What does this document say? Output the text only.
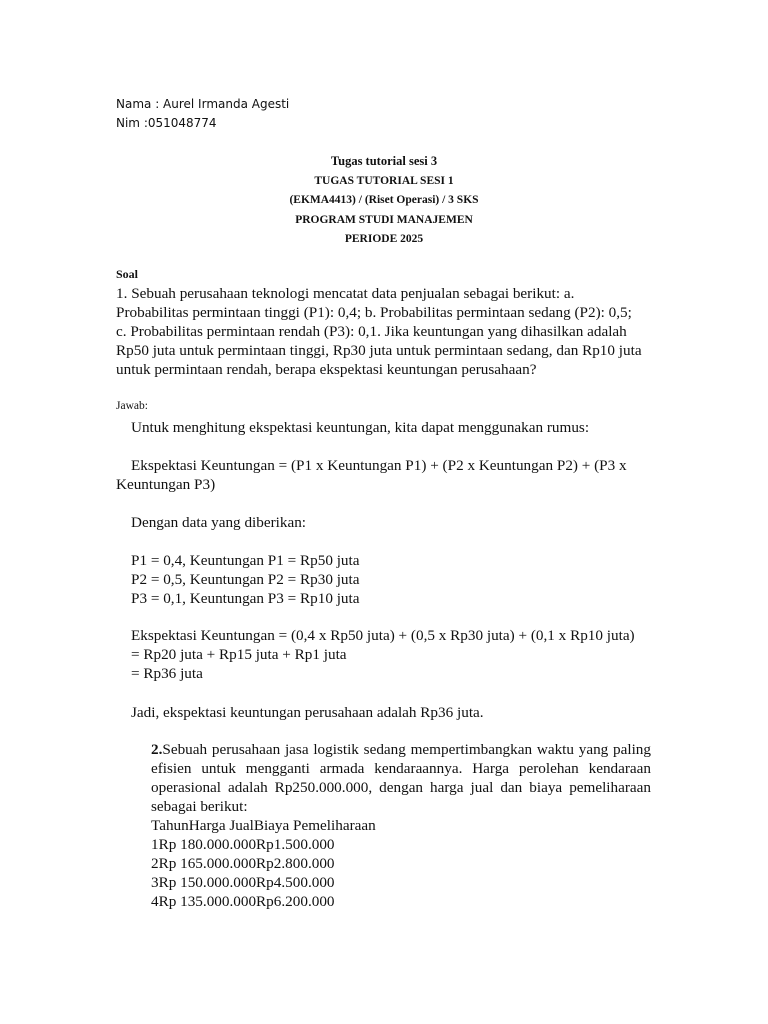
Nama : Aurel Irmanda Agesti
Nim :051048774
Tugas tutorial sesi 3
TUGAS TUTORIAL SESI 1
(EKMA4413) / (Riset Operasi) / 3 SKS
PROGRAM STUDI MANAJEMEN
PERIODE 2025
Soal

1. Sebuah perusahaan teknologi mencatat data penjualan sebagai berikut: a.

Probabilitas permintaan tinggi (P1): 0,4; b. Probabilitas permintaan sedang (P2): 0,5;

c. Probabilitas permintaan rendah (P3): 0,1. Jika keuntungan yang dihasilkan adalah

Rp50 juta untuk permintaan tinggi, Rp30 juta untuk permintaan sedang, dan Rp10 juta

untuk permintaan rendah, berapa ekspektasi keuntungan perusahaan?

Jawab:

Untuk menghitung ekspektasi keuntungan, kita dapat menggunakan rumus:

Ekspektasi Keuntungan = (P1 x Keuntungan P1) + (P2 x Keuntungan P2) + (P3 x

Keuntungan P3)

Dengan data yang diberikan:

P1 = 0,4, Keuntungan P1 = Rp50 juta

P2 = 0,5, Keuntungan P2 = Rp30 juta

P3 = 0,1, Keuntungan P3 = Rp10 juta

Ekspektasi Keuntungan = (0,4 x Rp50 juta) + (0,5 x Rp30 juta) + (0,1 x Rp10 juta)

= Rp20 juta + Rp15 juta + Rp1 juta

= Rp36 juta

Jadi, ekspektasi keuntungan perusahaan adalah Rp36 juta.

2.Sebuah perusahaan jasa logistik sedang mempertimbangkan waktu yang paling efisien untuk mengganti armada kendaraannya. Harga perolehan kendaraan operasional adalah Rp250.000.000, dengan harga jual dan biaya pemeliharaan sebagai berikut:

TahunHarga JualBiaya Pemeliharaan

1Rp 180.000.000Rp1.500.000

2Rp 165.000.000Rp2.800.000

3Rp 150.000.000Rp4.500.000

4Rp 135.000.000Rp6.200.000
